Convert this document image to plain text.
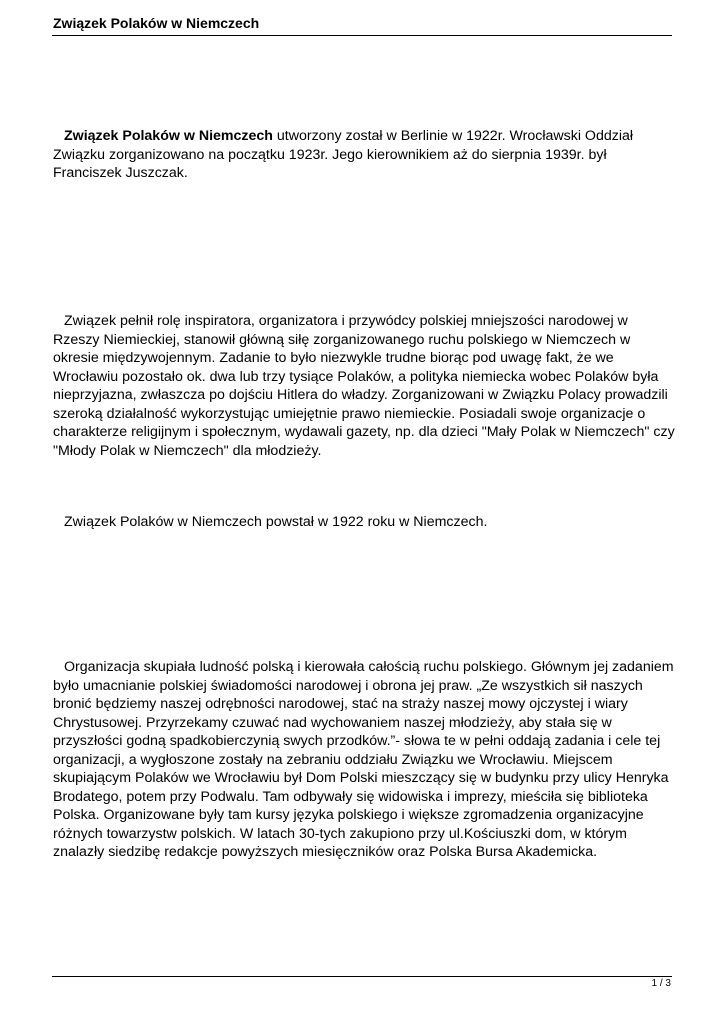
Związek Polaków w Niemczech

Związek Polaków w Niemczech utworzony został w Berlinie w 1922r. Wrocławski Oddział Związku zorganizowano na początku 1923r. Jego kierownikiem aż do sierpnia 1939r. był Franciszek Juszczak.

Związek pełnił rolę inspiratora, organizatora i przywódcy polskiej mniejszości narodowej w Rzeszy Niemieckiej, stanowił główną siłę zorganizowanego ruchu polskiego w Niemczech w okresie międzywojennym. Zadanie to było niezwykle trudne biorąc pod uwagę fakt, że we Wrocławiu pozostało ok. dwa lub trzy tysiące Polaków, a polityka niemiecka wobec Polaków była nieprzyjazna, zwłaszcza po dojściu Hitlera do władzy. Zorganizowani w Związku Polacy prowadzili szeroką działalność wykorzystując umiejętnie prawo niemieckie. Posiadali swoje organizacje o charakterze religijnym i społecznym, wydawali gazety, np. dla dzieci "Mały Polak w Niemczech" czy "Młody Polak w Niemczech" dla młodzieży.

Związek Polaków w Niemczech powstał w 1922 roku w Niemczech.

Organizacja skupiała ludność polską i kierowała całością ruchu polskiego. Głównym jej zadaniem było umacnianie polskiej świadomości narodowej i obrona jej praw. „Ze wszystkich sił naszych bronić będziemy naszej odrębności narodowej, stać na straży naszej mowy ojczystej i wiary Chrystusowej. Przyrzekamy czuwać nad wychowaniem naszej młodzieży, aby stała się w przyszłości godną spadkobierczynią swych przodków.”- słowa te w pełni oddają zadania i cele tej organizacji, a wygłoszone zostały na zebraniu oddziału Związku we Wrocławiu. Miejscem skupiającym Polaków we Wrocławiu był Dom Polski mieszczący się w budynku przy ulicy Henryka Brodatego, potem przy Podwalu. Tam odbywały się widowiska i imprezy, mieściła się biblioteka Polska. Organizowane były tam kursy języka polskiego i większe zgromadzenia organizacyjne różnych towarzystw polskich. W latach 30-tych zakupiono przy ul.Kościuszki dom, w którym znalazły siedzibę redakcje powyższych miesięczników oraz Polska Bursa Akademicka.

1 / 3
